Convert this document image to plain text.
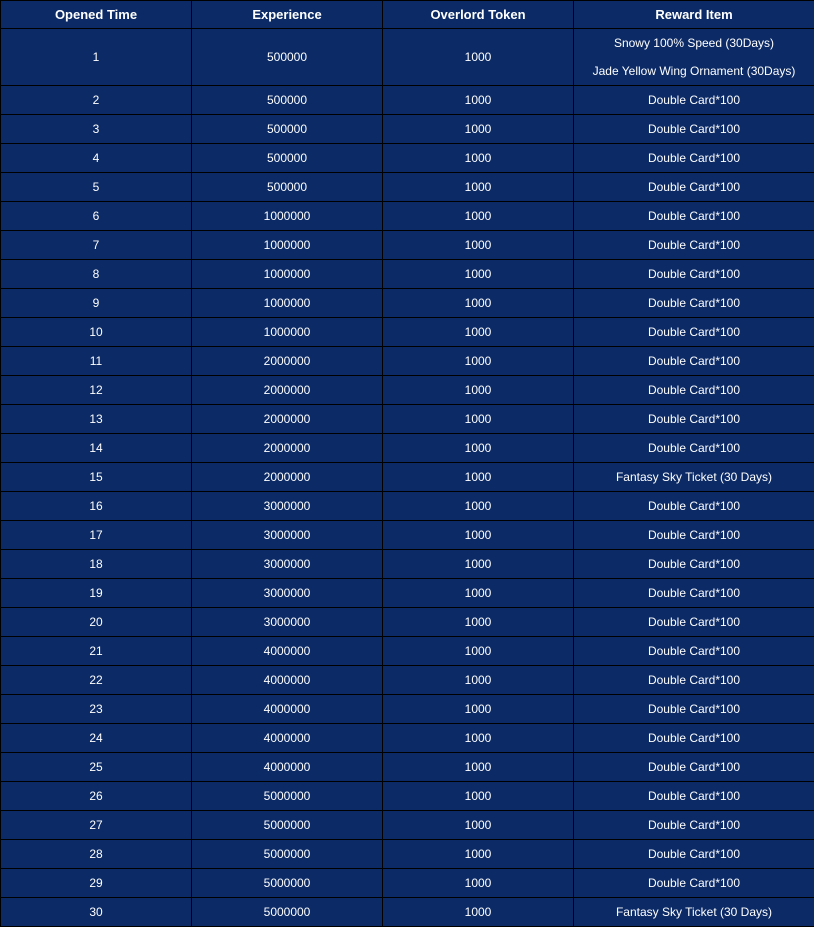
Opened Time	Experience	Overlord Token	Reward Item
1	500000	1000	Snowy 100% Speed (30Days)
Jade Yellow Wing Ornament (30Days)

2	500000	1000	Double Card*100

3	500000	1000	Double Card*100

4	500000	1000	Double Card*100

5	500000	1000	Double Card*100

6	1000000	1000	Double Card*100

7	1000000	1000	Double Card*100

8	1000000	1000	Double Card*100

9	1000000	1000	Double Card*100

10	1000000	1000	Double Card*100

11	2000000	1000	Double Card*100

12	2000000	1000	Double Card*100

13	2000000	1000	Double Card*100

14	2000000	1000	Double Card*100

15	2000000	1000	Fantasy Sky Ticket (30 Days)

16	3000000	1000	Double Card*100

17	3000000	1000	Double Card*100

18	3000000	1000	Double Card*100

19	3000000	1000	Double Card*100

20	3000000	1000	Double Card*100

21	4000000	1000	Double Card*100

22	4000000	1000	Double Card*100

23	4000000	1000	Double Card*100

24	4000000	1000	Double Card*100

25	4000000	1000	Double Card*100

26	5000000	1000	Double Card*100

27	5000000	1000	Double Card*100

28	5000000	1000	Double Card*100

29	5000000	1000	Double Card*100

30	5000000	1000	Fantasy Sky Ticket (30 Days)
